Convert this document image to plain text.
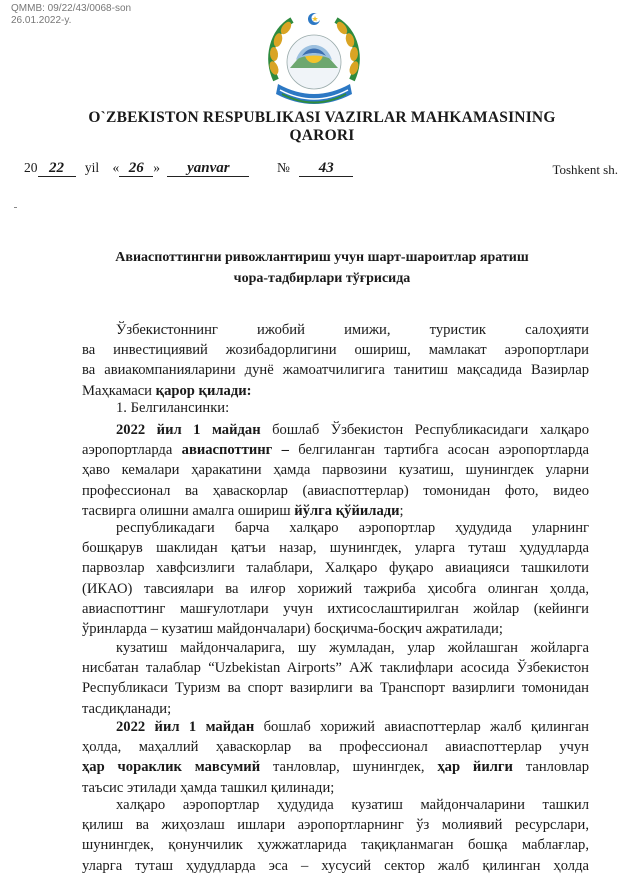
QMMB: 09/22/43/0068-son
26.01.2022-y.
O`ZBEKISTON RESPUBLIKASI VAZIRLAR MAHKAMASINING
QARORI
20 22 yil « 26 » yanvar	№ 43	Toshkent sh.
Авиаспоттингни ривожлантириш учун шарт-шароитлар яратиш
чора-тадбирлари тўғрисида
Ўзбекистоннинг ижобий имижи, туристик салоҳияти
ва инвестициявий жозибадорлигини ошириш, мамлакат аэропортлари
ва авиакомпанияларини дунё жамоатчилигига танитиш мақсадида Вазирлар
Маҳкамаси қарор қилади:
1. Белгилансинки:
2022 йил 1 майдан бошлаб Ўзбекистон Республикасидаги халқаро
аэропортларда авиаспоттинг – белгиланган тартибга асосан аэропортларда
ҳаво кемалари ҳаракатини ҳамда парвозини кузатиш, шунингдек уларни
профессионал ва ҳаваскорлар (авиаспоттерлар) томонидан фото, видео
тасвирга олишни амалга ошириш йўлга қўйилади;
республикадаги барча халқаро аэропортлар ҳудудида уларнинг
бошқарув шаклидан қатъи назар, шунингдек, уларга туташ ҳудудларда
парвозлар хавфсизлиги талаблари, Халқаро фуқаро авиацияси ташкилоти
(ИКАО) тавсиялари ва илғор хорижий тажриба ҳисобга олинган ҳолда,
авиаспоттинг машғулотлари учун ихтисослаштирилган жойлар (кейинги
ўринларда – кузатиш майдончалари) босқичма-босқич ажратилади;
кузатиш майдончаларига, шу жумладан, улар жойлашган жойларга
нисбатан талаблар “Uzbekistan Airports” АЖ таклифлари асосида Ўзбекистон
Республикаси Туризм ва спорт вазирлиги ва Транспорт вазирлиги томонидан
тасдиқланади;
2022 йил 1 майдан бошлаб хорижий авиаспоттерлар жалб қилинган
ҳолда, маҳаллий ҳаваскорлар ва профессионал авиаспоттерлар учун
ҳар чораклик мавсумий танловлар, шунингдек, ҳар йилги танловлар
таъсис этилади ҳамда ташкил қилинади;
халқаро аэропортлар ҳудудида кузатиш майдончаларини ташкил
қилиш ва жиҳозлаш ишлари аэропортларнинг ўз молиявий ресурслари,
шунингдек, қонунчилик ҳужжатларида тақиқланмаган бошқа маблағлар,
уларга туташ ҳудудларда эса – хусусий сектор жалб қилинган ҳолда
